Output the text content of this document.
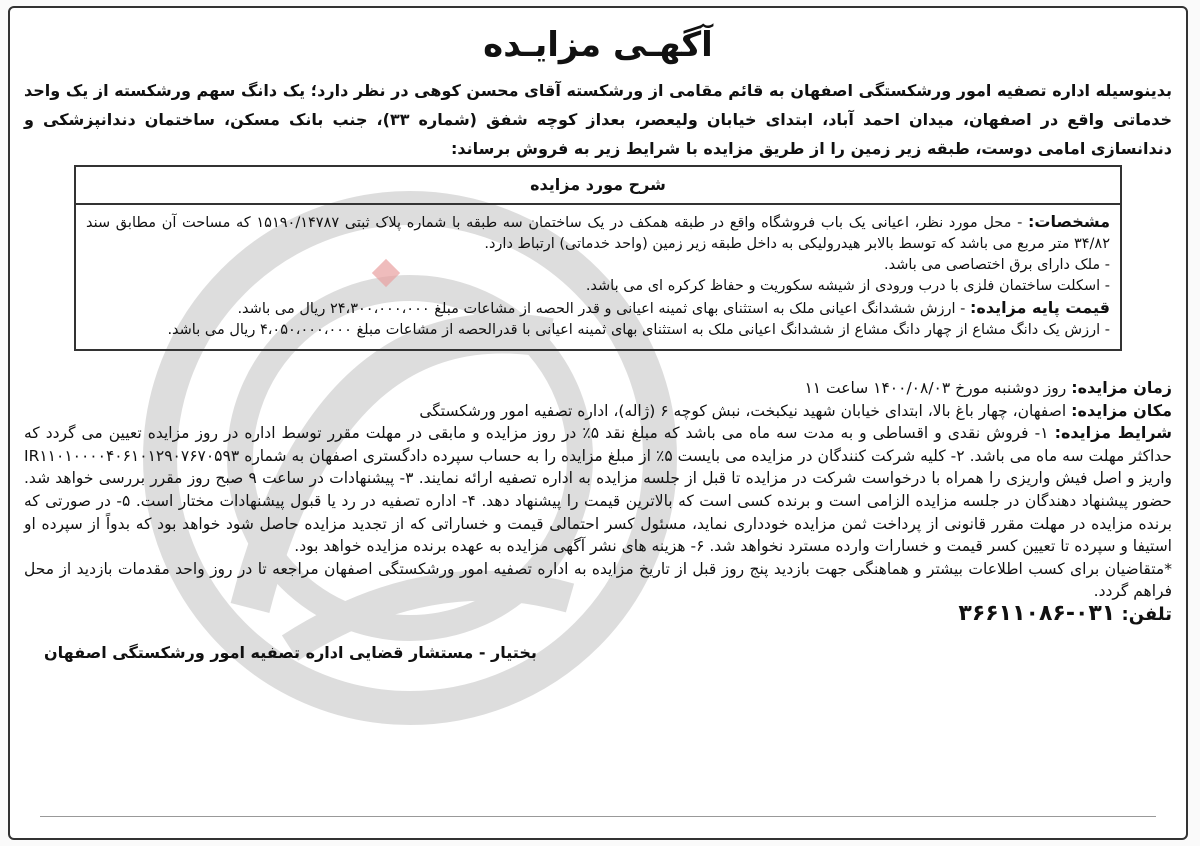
آگهـی مزایـده

بدینوسیله اداره تصفیه امور ورشکستگی اصفهان به قائم مقامی از ورشکسته آقای محسن کوهی در نظر دارد؛ یک دانگ سهم ورشکسته از یک واحد خدماتی واقع در اصفهان، میدان احمد آباد، ابتدای خیابان ولیعصر، بعداز کوچه شفق (شماره ۳۳)، جنب بانک مسکن، ساختمان دندانپزشکی و دندانسازی امامی دوست، طبقه زیر زمین را از طریق مزایده با شرایط زیر به فروش برساند:

شرح مورد مزایده

مشخصات: - محل مورد نظر، اعیانی یک باب فروشگاه واقع در طبقه همکف در یک ساختمان سه طبقه با شماره پلاک ثبتی ۱۵۱۹۰/۱۴۷۸۷ که مساحت آن مطابق سند ۳۴/۸۲ متر مربع می باشد که توسط بالابر هیدرولیکی به داخل طبقه زیر زمین (واحد خدماتی) ارتباط دارد.

- ملک دارای برق اختصاصی می باشد.

- اسکلت ساختمان فلزی با درب ورودی از شیشه سکوریت و حفاظ کرکره ای می باشد.

قیمت پایه مزایده: - ارزش ششدانگ اعیانی ملک به استثنای بهای ثمینه اعیانی و قدر الحصه از مشاعات مبلغ ۲۴،۳۰۰،۰۰۰،۰۰۰ ریال می باشد.

- ارزش یک دانگ مشاع از چهار دانگ مشاع از ششدانگ اعیانی ملک به استثنای بهای ثمینه اعیانی با قدرالحصه از مشاعات مبلغ ۴،۰۵۰،۰۰۰،۰۰۰ ریال می باشد.

زمان مزایده: روز دوشنبه مورخ ۱۴۰۰/۰۸/۰۳ ساعت ۱۱

مکان مزایده: اصفهان، چهار باغ بالا، ابتدای خیابان شهید نیکبخت، نبش کوچه ۶ (ژاله)، اداره تصفیه امور ورشکستگی

شرایط مزایده: ۱- فروش نقدی و اقساطی و به مدت سه ماه می باشد که مبلغ نقد ۵٪ در روز مزایده و مابقی در مهلت مقرر توسط اداره در روز مزایده تعیین می گردد که حداکثر مهلت سه ماه می باشد. ۲- کلیه شرکت کنندگان در مزایده می بایست ۵٪ از مبلغ مزایده را به حساب سپرده دادگستری اصفهان به شماره IR۱۱۰۱۰۰۰۰۴۰۶۱۰۱۲۹۰۷۶۷۰۵۹۳ واریز و اصل فیش واریزی را همراه با درخواست شرکت در مزایده تا قبل از جلسه مزایده به اداره تصفیه ارائه نمایند. ۳- پیشنهادات در ساعت ۹ صبح روز مقرر بررسی خواهد شد. حضور پیشنهاد دهندگان در جلسه مزایده الزامی است و برنده کسی است که بالاترین قیمت را پیشنهاد دهد. ۴- اداره تصفیه در رد یا قبول پیشنهادات مختار است. ۵- در صورتی که برنده مزایده در مهلت مقرر قانونی از پرداخت ثمن مزایده خودداری نماید، مسئول کسر احتمالی قیمت و خساراتی که از تجدید مزایده حاصل شود خواهد بود که بدواً از سپرده او استیفا و سپرده تا تعیین کسر قیمت و خسارات وارده مسترد نخواهد شد. ۶- هزینه های نشر آگهی مزایده به عهده برنده مزایده خواهد بود.

*متقاضیان برای کسب اطلاعات بیشتر و هماهنگی جهت بازدید پنج روز قبل از تاریخ مزایده به اداره تصفیه امور ورشکستگی اصفهان مراجعه تا در روز واحد مقدمات بازدید از محل فراهم گردد.

تلفن: ۰۳۱-۳۶۶۱۱۰۸۶

بختیار - مستشار قضایی اداره تصفیه امور ورشکستگی اصفهان
